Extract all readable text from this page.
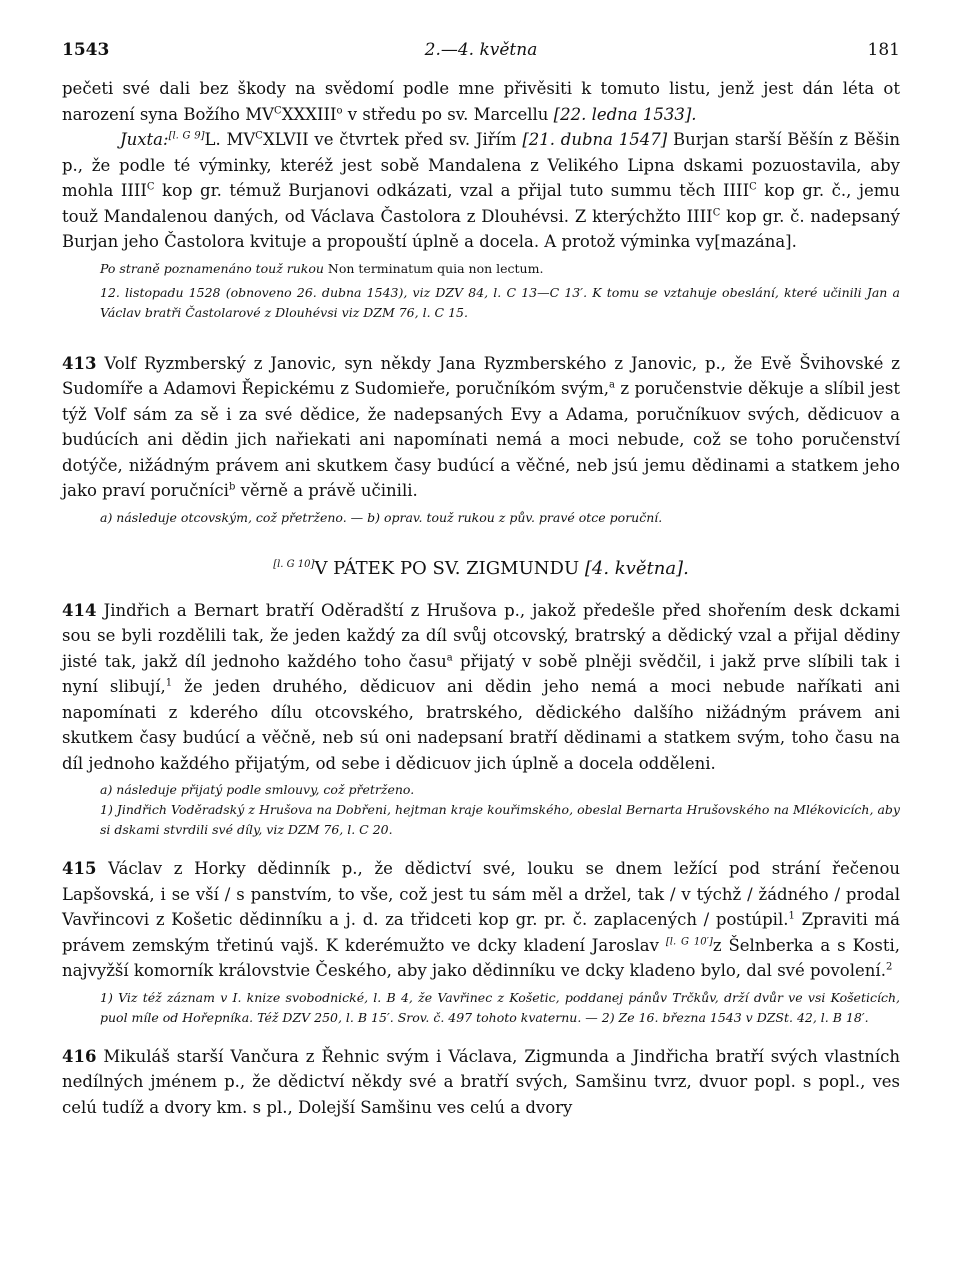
1543	2.—4. května	181

pečeti své dali bez škody na svědomí podle mne přivěsiti k tomuto listu, jenž jest dán léta ot narození syna Božího $MV^CXXXIII^o$ v středu po sv. Marcellu [22. ledna 1533].

Juxta:[l. G 9]L. $MV^CXLVII$ ve čtvrtek před sv. Jiřím [21. dubna 1547] Burjan starší Běšín z Běšin p., že podle té výminky, kteréž jest sobě Mandalena z Velikého Lipna dskami pozuostavila, aby mohla $IIII^C$ kop gr. témuž Burjanovi odkázati, vzal a přijal tuto summu těch $IIII^C$ kop gr. č., jemu touž Mandalenou daných, od Václava Častolora z Dlouhévsi. Z kterýchžto $IIII^C$ kop gr. č. nadepsaný Burjan jeho Častolora kvituje a propouští úplně a docela. A protož výminka vy[mazána].

Po straně poznamenáno touž rukou Non terminatum quia non lectum.

12. listopadu 1528 (obnoveno 26. dubna 1543), viz DZV 84, l. C 13—C 13′. K tomu se vztahuje obeslání, které učinili Jan a Václav bratři Častolarové z Dlouhévsi viz DZM 76, l. C 15.

413 Volf Ryzmberský z Janovic, syn někdy Jana Ryzmberského z Janovic, p., že Evě Švihovské z Sudomíře a Adamovi Řepickému z Sudomieře, poručníkóm svým,$^a$ z poručenstvie děkuje a slíbil jest týž Volf sám za sě i za své dědice, že nadepsaných Evy a Adama, poručníkuov svých, dědicuov a budúcích ani dědin jich nařiekati ani napomínati nemá a moci nebude, což se toho poručenství dotýče, nižádným právem ani skutkem časy budúcí a věčné, neb jsú jemu dědinami a statkem jeho jako praví poručníci$^b$ věrně a právě učinili.

a) následuje otcovským, což přetrženo. — b) oprav. touž rukou z pův. pravé otce poruční.

[l. G 10]V PÁTEK PO SV. ZIGMUNDU [4. května].

414 Jindřich a Bernart bratří Oděradští z Hrušova p., jakož předešle před shořením desk dckami sou se byli rozdělili tak, že jeden každý za díl svůj otcovský, bratrský a dědický vzal a přijal dědiny jisté tak, jakž díl jednoho každého toho času$^a$ přijatý v sobě plněji svědčil, i jakž prve slíbili tak i nyní slibují,$^1$ že jeden druhého, dědicuov ani dědin jeho nemá a moci nebude naříkati ani napomínati z kderého dílu otcovského, bratrského, dědického dalšího nižádným právem ani skutkem časy budúcí a věčně, neb sú oni nadepsaní bratří dědinami a statkem svým, toho času na díl jednoho každého přijatým, od sebe i dědicuov jich úplně a docela odděleni.

a) následuje přijatý podle smlouvy, což přetrženo.

1) Jindřich Voděradský z Hrušova na Dobřeni, hejtman kraje kouřimského, obeslal Bernarta Hrušovského na Mlékovicích, aby si dskami stvrdili své díly, viz DZM 76, l. C 20.

415 Václav z Horky dědinník p., že dědictví své, louku se dnem ležící pod strání řečenou Lapšovská, i se vší / s panstvím, to vše, což jest tu sám měl a držel, tak / v týchž / žádného / prodal Vavřincovi z Košetic dědinníku a j. d. za třidceti kop gr. pr. č. zaplacených / postúpil.$^1$ Zpraviti má právem zemským třetinú vajš. K kderémužto ve dcky kladení Jaroslav [l. G 10′]z Šelnberka a s Kosti, najvyžší komorník královstvie Českého, aby jako dědinníku ve dcky kladeno bylo, dal své povolení.$^2$

1) Viz též záznam v I. knize svobodnické, l. B 4, že Vavřinec z Košetic, poddanej pánův Trčkův, drží dvůr ve vsi Košeticích, puol míle od Hořepníka. Též DZV 250, l. B 15′. Srov. č. 497 tohoto kvaternu. — 2) Ze 16. března 1543 v DZSt. 42, l. B 18′.

416 Mikuláš starší Vančura z Řehnic svým i Václava, Zigmunda a Jindřicha bratří svých vlastních nedílných jménem p., že dědictví někdy své a bratří svých, Samšinu tvrz, dvuor popl. s popl., ves celú tudíž a dvory km. s pl., Dolejší Samšinu ves celú a dvory
